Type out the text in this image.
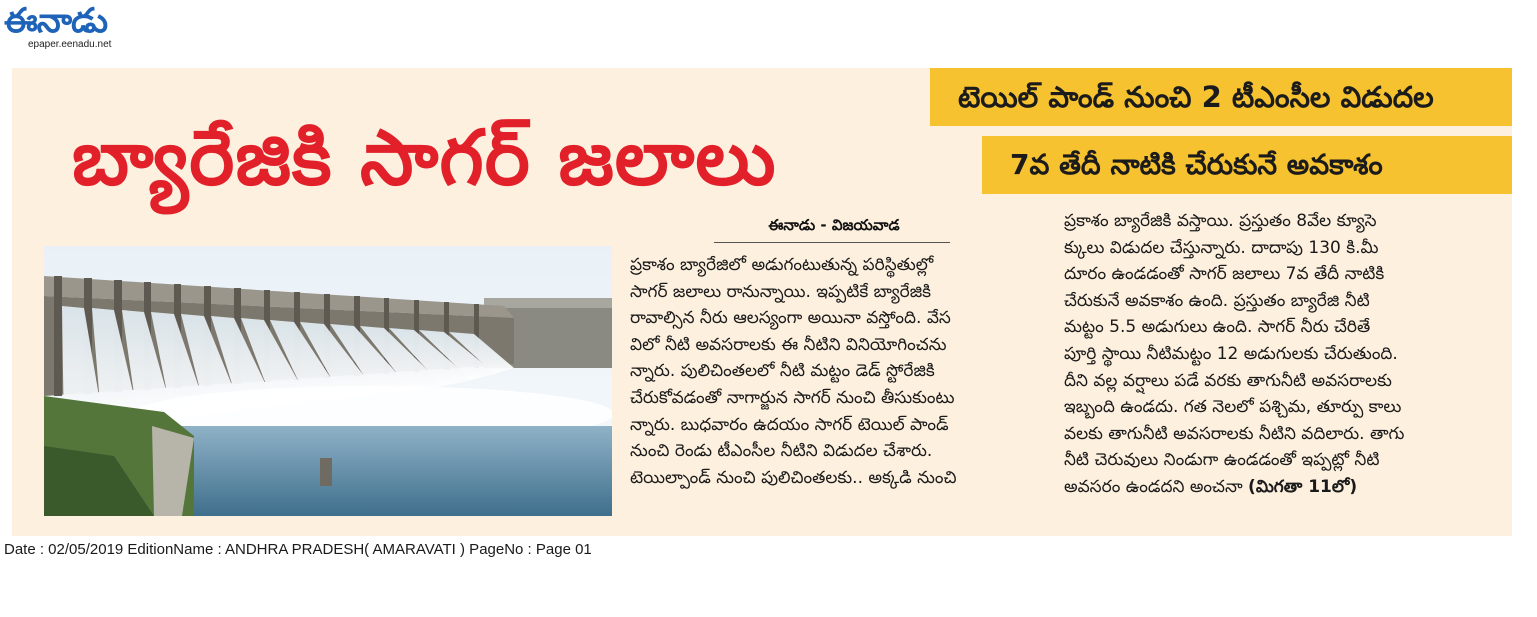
ఈనాడు
epaper.eenadu.net
బ్యారేజికి సాగర్ జలాలు
టెయిల్ పాండ్ నుంచి 2 టీఎంసీల విడుదల
7వ తేదీ నాటికి చేరుకునే అవకాశం
ఈనాడు - విజయవాడ
ప్రకాశం బ్యారేజిలో అడుగంటుతున్న పరిస్థితుల్లో
సాగర్ జలాలు రానున్నాయి. ఇప్పటికే బ్యారేజికి
రావాల్సిన నీరు ఆలస్యంగా అయినా వస్తోంది. వేస
విలో నీటి అవసరాలకు ఈ నీటిని వినియోగించను
న్నారు. పులిచింతలలో నీటి మట్టం డెడ్ స్టోరేజికి
చేరుకోవడంతో నాగార్జున సాగర్ నుంచి తీసుకుంటు
న్నారు. బుధవారం ఉదయం సాగర్ టెయిల్ పాండ్
నుంచి రెండు టీఎంసీల నీటిని విడుదల చేశారు.
టెయిల్పాండ్ నుంచి పులిచింతలకు.. అక్కడి నుంచి
ప్రకాశం బ్యారేజికి వస్తాయి. ప్రస్తుతం 8వేల క్యూసె
క్కులు విడుదల చేస్తున్నారు. దాదాపు 130 కి.మీ
దూరం ఉండడంతో సాగర్ జలాలు 7వ తేదీ నాటికి
చేరుకునే అవకాశం ఉంది. ప్రస్తుతం బ్యారేజి నీటి
మట్టం 5.5 అడుగులు ఉంది. సాగర్ నీరు చేరితే
పూర్తి స్థాయి నీటిమట్టం 12 అడుగులకు చేరుతుంది.
దీని వల్ల వర్షాలు పడే వరకు తాగునీటి అవసరాలకు
ఇబ్బంది ఉండదు. గత నెలలో పశ్చిమ, తూర్పు కాలు
వలకు తాగునీటి అవసరాలకు నీటిని వదిలారు. తాగు
నీటి చెరువులు నిండుగా ఉండడంతో ఇప్పట్లో నీటి
అవసరం ఉండదని అంచనా (మిగతా 11లో)
Date : 02/05/2019 EditionName : ANDHRA PRADESH( AMARAVATI ) PageNo : Page 01
